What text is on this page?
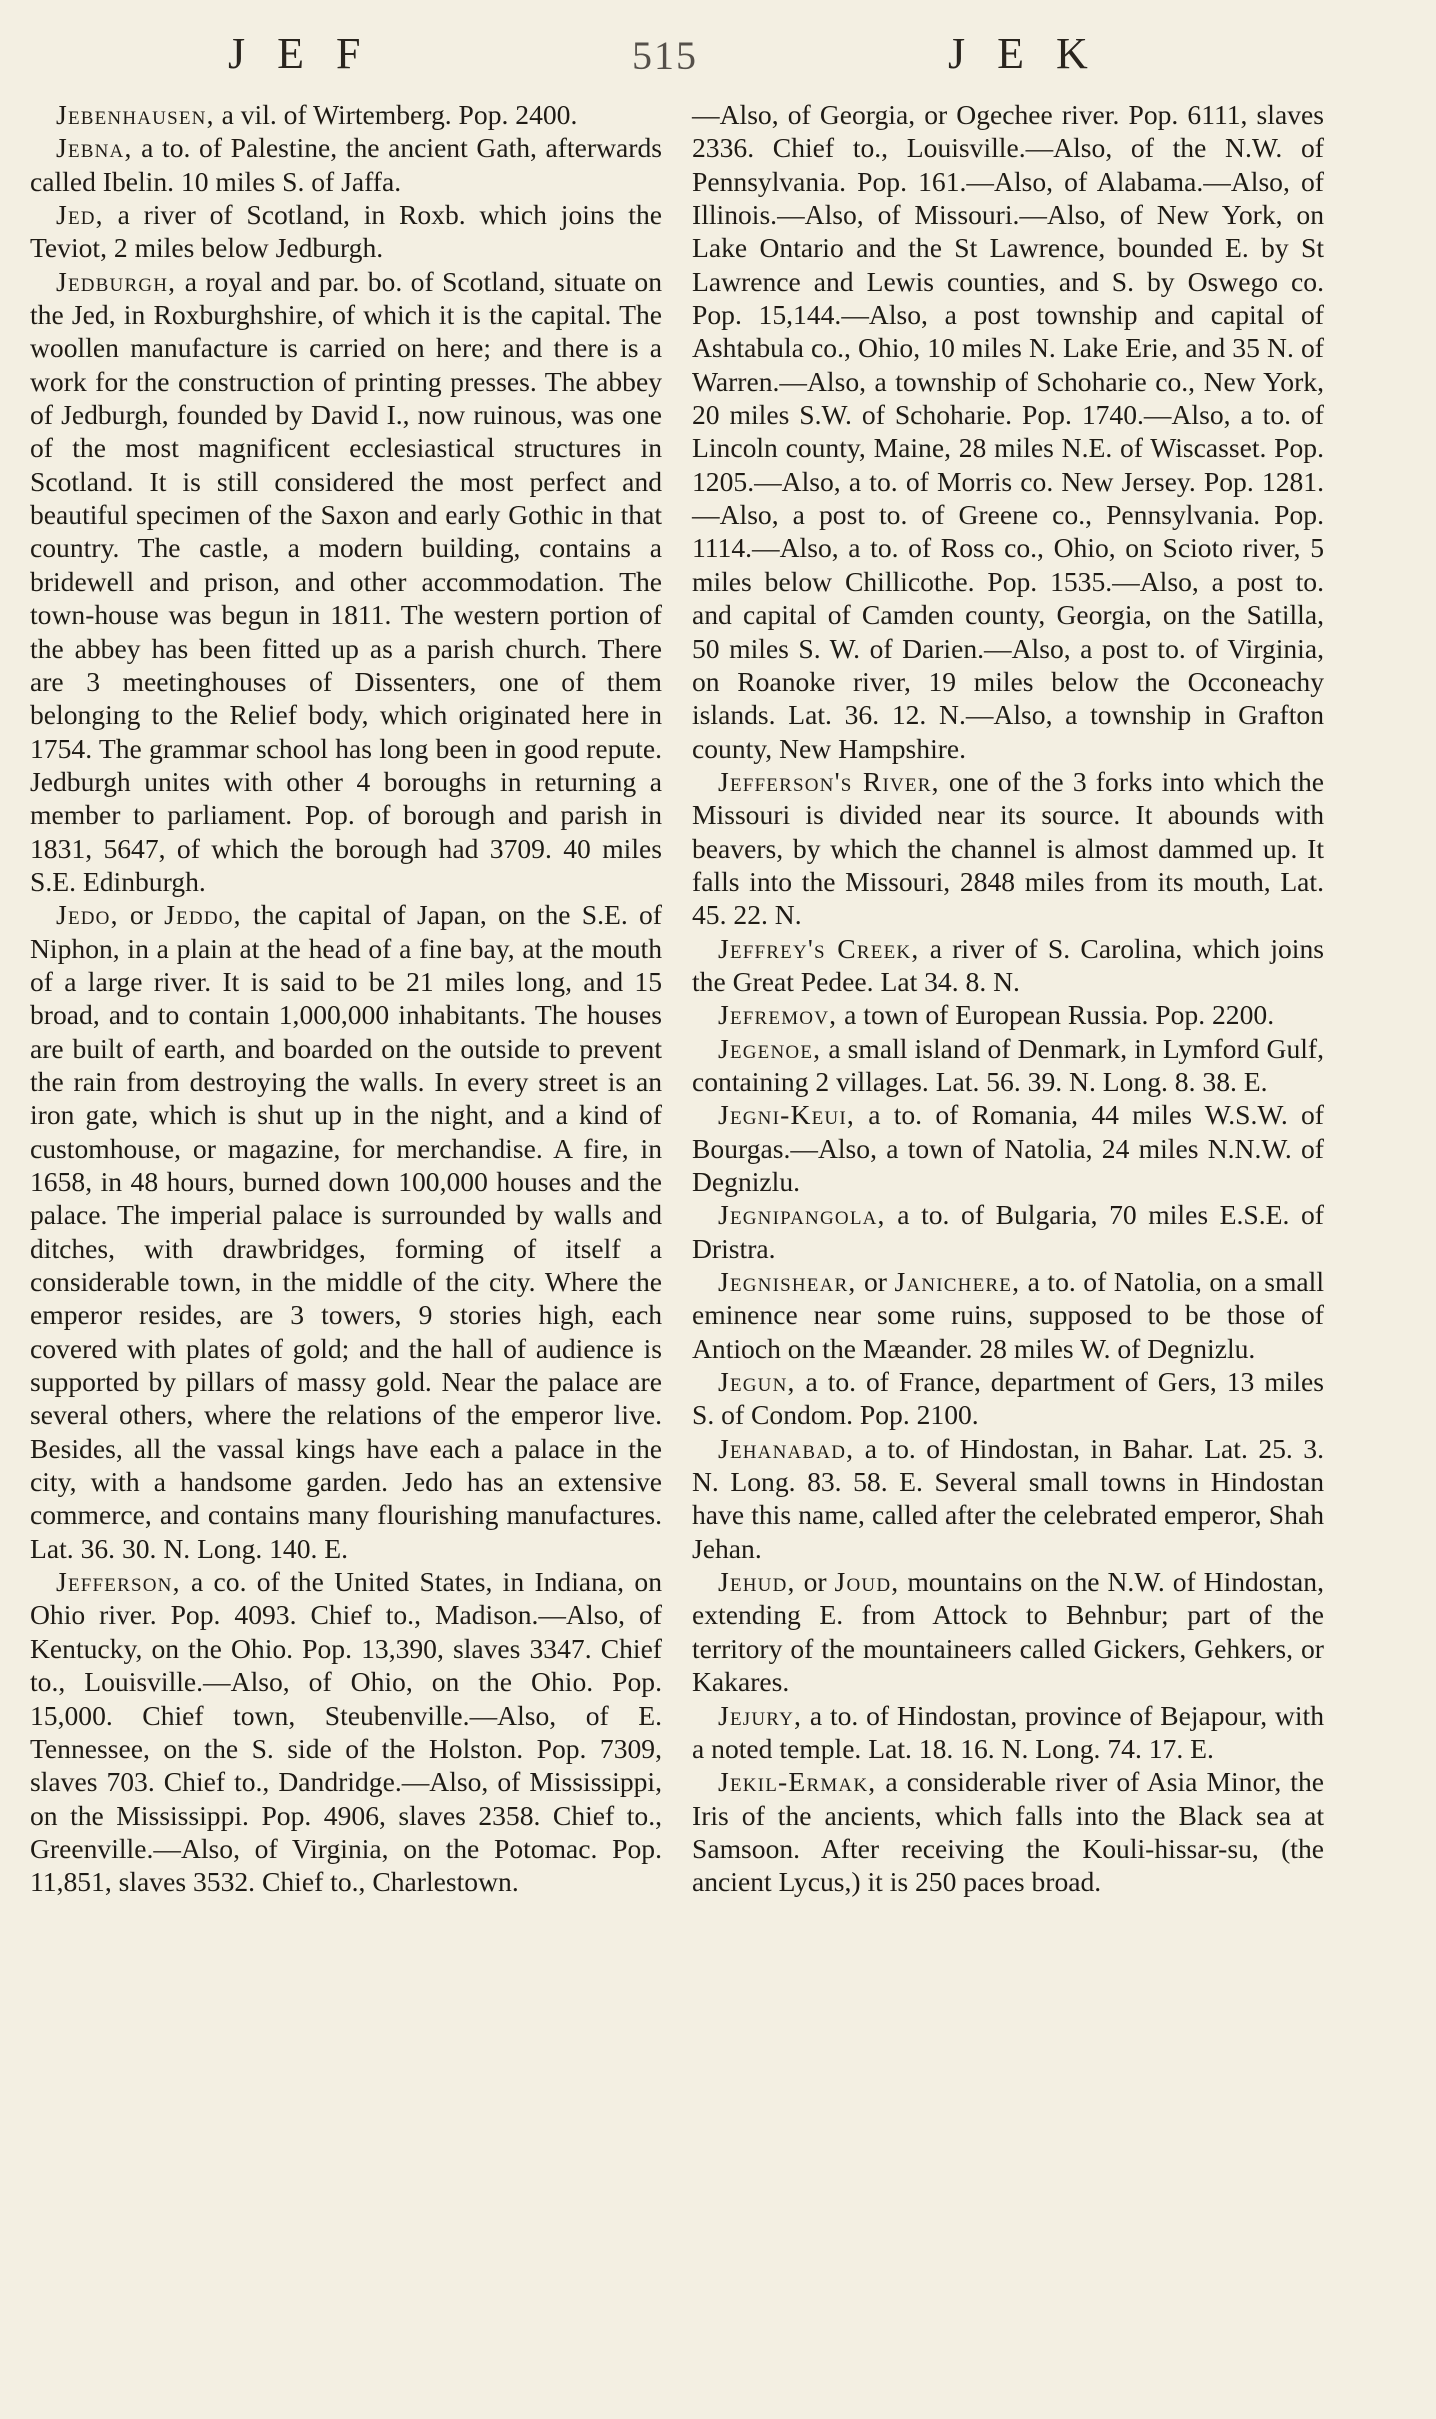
JEF	515	JEK

Jebenhausen, a vil. of Wirtemberg. Pop. 2400.

Jebna, a to. of Palestine, the ancient Gath, afterwards called Ibelin. 10 miles S. of Jaffa.

Jed, a river of Scotland, in Roxb. which joins the Teviot, 2 miles below Jedburgh.

Jedburgh, a royal and par. bo. of Scotland, situate on the Jed, in Roxburghshire, of which it is the capital. The woollen manufacture is carried on here; and there is a work for the construction of printing presses. The abbey of Jedburgh, founded by David I., now ruinous, was one of the most magnificent ecclesiastical structures in Scotland. It is still considered the most perfect and beautiful specimen of the Saxon and early Gothic in that country. The castle, a modern building, contains a bridewell and prison, and other accommodation. The town-house was begun in 1811. The western portion of the abbey has been fitted up as a parish church. There are 3 meetinghouses of Dissenters, one of them belonging to the Relief body, which originated here in 1754. The grammar school has long been in good repute. Jedburgh unites with other 4 boroughs in returning a member to parliament. Pop. of borough and parish in 1831, 5647, of which the borough had 3709. 40 miles S.E. Edinburgh.

Jedo, or Jeddo, the capital of Japan, on the S.E. of Niphon, in a plain at the head of a fine bay, at the mouth of a large river. It is said to be 21 miles long, and 15 broad, and to contain 1,000,000 inhabitants. The houses are built of earth, and boarded on the outside to prevent the rain from destroying the walls. In every street is an iron gate, which is shut up in the night, and a kind of customhouse, or magazine, for merchandise. A fire, in 1658, in 48 hours, burned down 100,000 houses and the palace. The imperial palace is surrounded by walls and ditches, with drawbridges, forming of itself a considerable town, in the middle of the city. Where the emperor resides, are 3 towers, 9 stories high, each covered with plates of gold; and the hall of audience is supported by pillars of massy gold. Near the palace are several others, where the relations of the emperor live. Besides, all the vassal kings have each a palace in the city, with a handsome garden. Jedo has an extensive commerce, and contains many flourishing manufactures. Lat. 36. 30. N. Long. 140. E.

Jefferson, a co. of the United States, in Indiana, on Ohio river. Pop. 4093. Chief to., Madison.—Also, of Kentucky, on the Ohio. Pop. 13,390, slaves 3347. Chief to., Louisville.—Also, of Ohio, on the Ohio. Pop. 15,000. Chief town, Steubenville.—Also, of E. Tennessee, on the S. side of the Holston. Pop. 7309, slaves 703. Chief to., Dandridge.—Also, of Mississippi, on the Mississippi. Pop. 4906, slaves 2358. Chief to., Greenville.—Also, of Virginia, on the Potomac. Pop. 11,851, slaves 3532. Chief to., Charlestown.

—Also, of Georgia, or Ogechee river. Pop. 6111, slaves 2336. Chief to., Louisville.—Also, of the N.W. of Pennsylvania. Pop. 161.—Also, of Alabama.—Also, of Illinois.—Also, of Missouri.—Also, of New York, on Lake Ontario and the St Lawrence, bounded E. by St Lawrence and Lewis counties, and S. by Oswego co. Pop. 15,144.—Also, a post township and capital of Ashtabula co., Ohio, 10 miles N. Lake Erie, and 35 N. of Warren.—Also, a township of Schoharie co., New York, 20 miles S.W. of Schoharie. Pop. 1740.—Also, a to. of Lincoln county, Maine, 28 miles N.E. of Wiscasset. Pop. 1205.—Also, a to. of Morris co. New Jersey. Pop. 1281.—Also, a post to. of Greene co., Pennsylvania. Pop. 1114.—Also, a to. of Ross co., Ohio, on Scioto river, 5 miles below Chillicothe. Pop. 1535.—Also, a post to. and capital of Camden county, Georgia, on the Satilla, 50 miles S. W. of Darien.—Also, a post to. of Virginia, on Roanoke river, 19 miles below the Occoneachy islands. Lat. 36. 12. N.—Also, a township in Grafton county, New Hampshire.

Jefferson's River, one of the 3 forks into which the Missouri is divided near its source. It abounds with beavers, by which the channel is almost dammed up. It falls into the Missouri, 2848 miles from its mouth, Lat. 45. 22. N.

Jeffrey's Creek, a river of S. Carolina, which joins the Great Pedee. Lat 34. 8. N.

Jefremov, a town of European Russia. Pop. 2200.

Jegenoe, a small island of Denmark, in Lymford Gulf, containing 2 villages. Lat. 56. 39. N. Long. 8. 38. E.

Jegni-Keui, a to. of Romania, 44 miles W.S.W. of Bourgas.—Also, a town of Natolia, 24 miles N.N.W. of Degnizlu.

Jegnipangola, a to. of Bulgaria, 70 miles E.S.E. of Dristra.

Jegnishear, or Janichere, a to. of Natolia, on a small eminence near some ruins, supposed to be those of Antioch on the Mæander. 28 miles W. of Degnizlu.

Jegun, a to. of France, department of Gers, 13 miles S. of Condom. Pop. 2100.

Jehanabad, a to. of Hindostan, in Bahar. Lat. 25. 3. N. Long. 83. 58. E. Several small towns in Hindostan have this name, called after the celebrated emperor, Shah Jehan.

Jehud, or Joud, mountains on the N.W. of Hindostan, extending E. from Attock to Behnbur; part of the territory of the mountaineers called Gickers, Gehkers, or Kakares.

Jejury, a to. of Hindostan, province of Bejapour, with a noted temple. Lat. 18. 16. N. Long. 74. 17. E.

Jekil-Ermak, a considerable river of Asia Minor, the Iris of the ancients, which falls into the Black sea at Samsoon. After receiving the Kouli-hissar-su, (the ancient Lycus,) it is 250 paces broad.
